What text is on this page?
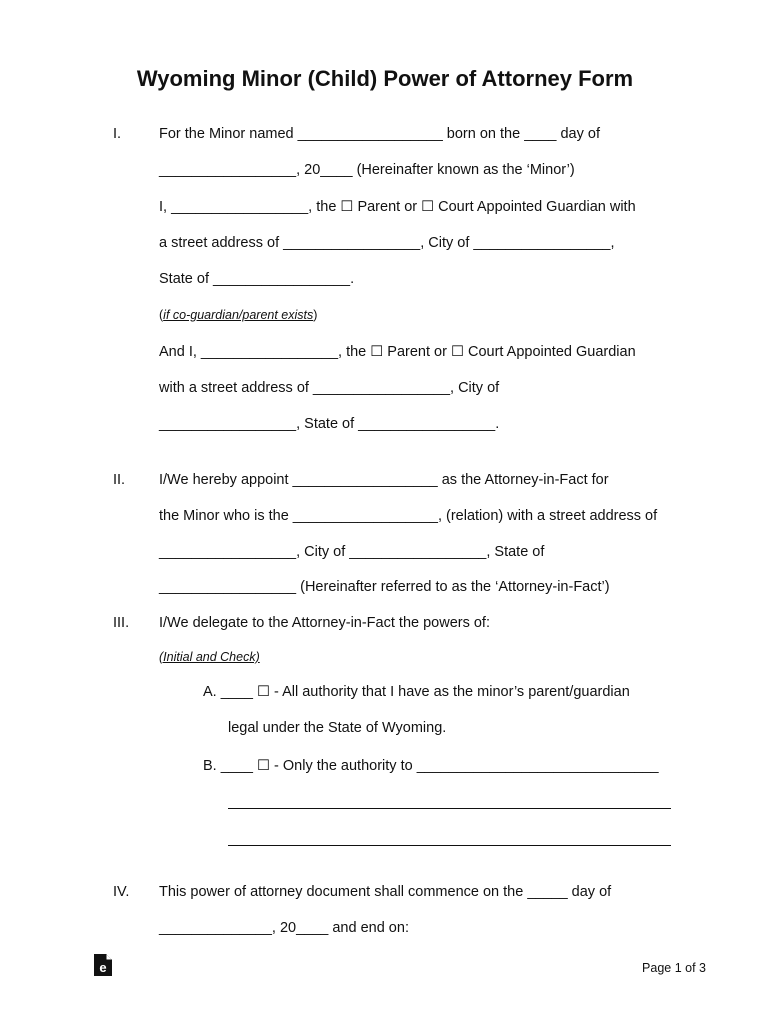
Wyoming Minor (Child) Power of Attorney Form
I.	For the Minor named __________________ born on the ____ day of
_________________, 20____ (Hereinafter known as the ‘Minor’)
I, _________________, the ☐ Parent or ☐ Court Appointed Guardian with
a street address of _________________, City of _________________,
State of _________________.
(if co-guardian/parent exists)
And I, _________________, the ☐ Parent or ☐ Court Appointed Guardian
with a street address of _________________, City of
_________________, State of _________________.
II. I/We hereby appoint __________________ as the Attorney-in-Fact for
the Minor who is the __________________, (relation) with a street address of
_________________, City of _________________, State of
_________________ (Hereinafter referred to as the ‘Attorney-in-Fact’)
III. I/We delegate to the Attorney-in-Fact the powers of:
(Initial and Check)
A. ____ ☐ - All authority that I have as the minor’s parent/guardian
legal under the State of Wyoming.
B. ____ ☐ - Only the authority to ______________________________
IV. This power of attorney document shall commence on the _____ day of
______________, 20____ and end on:
e	Page 1 of 3
